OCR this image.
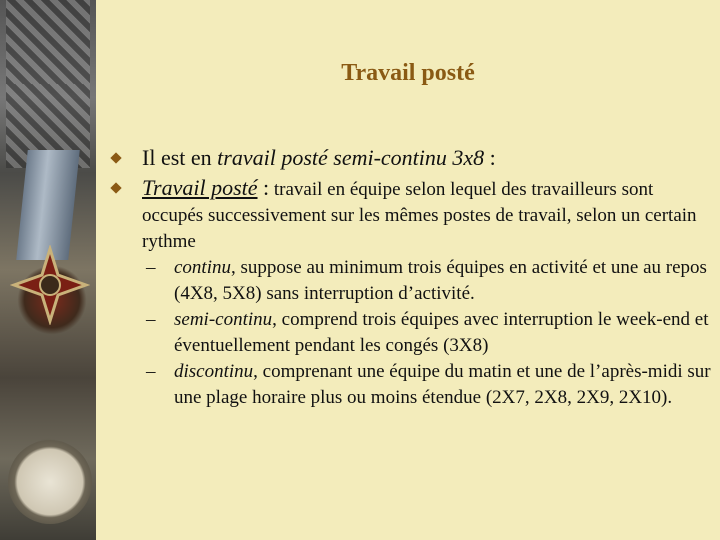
Travail posté
Il est en travail posté semi-continu 3x8 :
Travail posté : travail en équipe selon lequel des travailleurs sont occupés successivement sur les mêmes postes de travail, selon un certain rythme
– continu, suppose au minimum trois équipes en activité et une au repos (4X8, 5X8) sans interruption d’activité.
– semi-continu, comprend trois équipes avec interruption le week-end et éventuellement pendant les congés (3X8)
– discontinu, comprenant une équipe du matin et une de l’après-midi sur une plage horaire plus ou moins étendue (2X7, 2X8, 2X9, 2X10).
